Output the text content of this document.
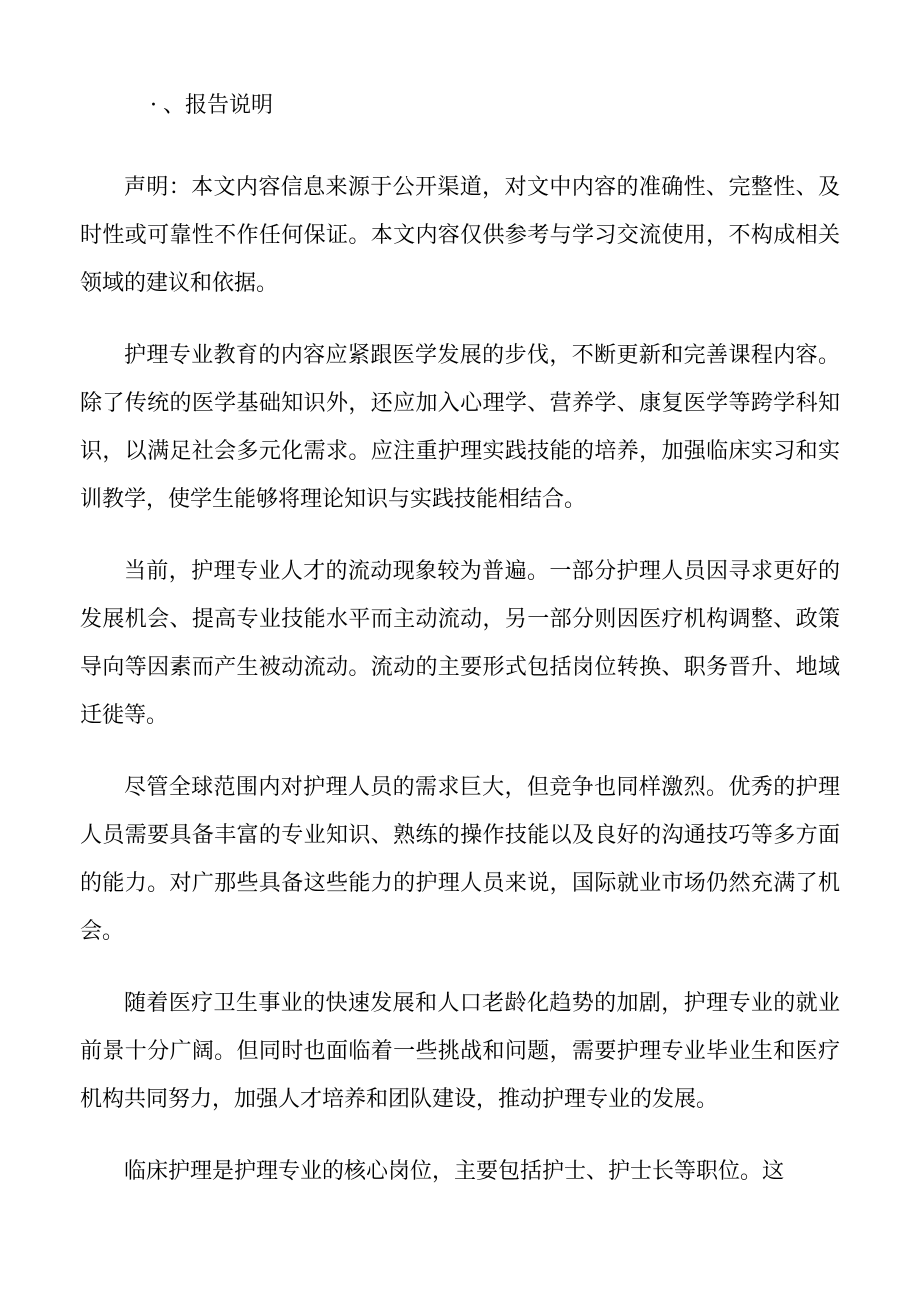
· 、报告说明

声明：本文内容信息来源于公开渠道，对文中内容的准确性、完整性、及时性或可靠性不作任何保证。本文内容仅供参考与学习交流使用，不构成相关领域的建议和依据。

护理专业教育的内容应紧跟医学发展的步伐，不断更新和完善课程内容。除了传统的医学基础知识外，还应加入心理学、营养学、康复医学等跨学科知识，以满足社会多元化需求。应注重护理实践技能的培养，加强临床实习和实训教学，使学生能够将理论知识与实践技能相结合。

当前，护理专业人才的流动现象较为普遍。一部分护理人员因寻求更好的发展机会、提高专业技能水平而主动流动，另一部分则因医疗机构调整、政策导向等因素而产生被动流动。流动的主要形式包括岗位转换、职务晋升、地域迁徙等。

尽管全球范围内对护理人员的需求巨大，但竞争也同样激烈。优秀的护理人员需要具备丰富的专业知识、熟练的操作技能以及良好的沟通技巧等多方面的能力。对广那些具备这些能力的护理人员来说，国际就业市场仍然充满了机会。

随着医疗卫生事业的快速发展和人口老龄化趋势的加剧，护理专业的就业前景十分广阔。但同时也面临着一些挑战和问题，需要护理专业毕业生和医疗机构共同努力，加强人才培养和团队建设，推动护理专业的发展。

临床护理是护理专业的核心岗位，主要包括护士、护士长等职位。这
